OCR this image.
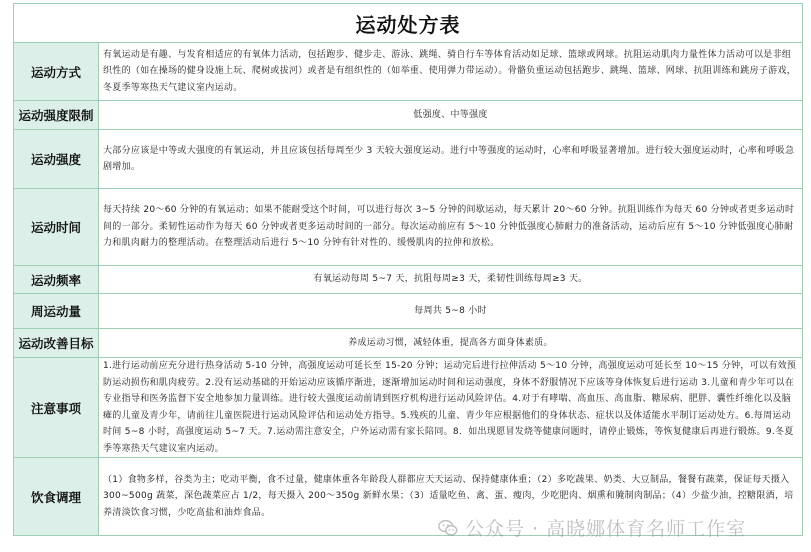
运动处方表
运动方式	有氧运动是有趣、与发育相适应的有氧体力活动，包括跑步、健步走、游泳、跳绳、骑自行车等体育活动如足球、篮球或网球。抗阻运动肌肉力量性体力活动可以是非组织性的（如在操场的健身设施上玩、爬树或拔河）或者是有组织性的（如举重、使用弹力带运动）。骨骼负重运动包括跑步、跳绳、篮球、网球、抗阻训练和跳房子游戏，冬夏季等寒热天气建议室内运动。
运动强度限制	低强度、中等强度
运动强度	大部分应该是中等或大强度的有氧运动，并且应该包括每周至少 3 天较大强度运动。进行中等强度的运动时，心率和呼吸显著增加。进行较大强度运动时，心率和呼吸急剧增加。
运动时间	每天持续 20～60 分钟的有氧运动；如果不能耐受这个时间，可以进行每次 3~5 分钟的间歇运动，每天累计 20～60 分钟。抗阻训练作为每天 60 分钟或者更多运动时间的一部分。柔韧性运动作为每天 60 分钟或者更多运动时间的一部分。每次运动前应有 5～10 分钟低强度心肺耐力的准备活动，运动后应有 5～10 分钟低强度心肺耐力和肌肉耐力的整理活动。在整理活动后进行 5～10 分钟有针对性的、缓慢肌肉的拉伸和放松。
运动频率	有氧运动每周 5~7 天，抗阻每周≥3 天，柔韧性训练每周≥3 天。
周运动量	每周共 5~8 小时
运动改善目标	养成运动习惯，减轻体重，提高各方面身体素质。
注意事项	1.进行运动前应充分进行热身活动 5-10 分钟，高强度运动可延长至 15-20 分钟；运动完后进行拉伸活动 5～10 分钟，高强度运动可延长至 10～15 分钟，可以有效预防运动损伤和肌肉疲劳。2.没有运动基础的开始运动应该循序渐进，逐渐增加运动时间和运动强度，身体不舒服情况下应该等身体恢复后进行运动 3.儿童和青少年可以在专业指导和医务监督下安全地参加力量训练。进行较大强度运动前请到医疗机构进行运动风险评估。4.对于有哮喘、高血压、高血脂、糖尿病、肥胖、囊性纤维化以及脑瘫的儿童及青少年，请前往儿童医院进行运动风险评估和运动处方指导。5.残疾的儿童、青少年应根据他们的身体状态、症状以及体适能水平制订运动处方。6.每周运动时间 5~8 小时，高强度运动 5~7 天。7.运动需注意安全，户外运动需有家长陪同。8．如出现愿冒发烧等健康问题时，请停止锻炼，等恢复健康后再进行锻炼。9.冬夏季等寒热天气建议室内运动。
饮食调理	（1）食物多样，谷类为主；吃动平衡，食不过量，健康体重各年龄段人群都应天天运动、保持健康体重；（2）多吃蔬果、奶类、大豆制品，餐餐有蔬菜，保证每天摄入 300~500g 蔬菜，深色蔬菜应占 1/2，每天摄入 200～350g 新鲜水果；（3）适量吃鱼、禽、蛋、瘦肉，少吃肥肉、烟熏和腌制肉制品；（4）少盐少油，控糖限酒，培养清淡饮食习惯，少吃高盐和油炸食品。
公众号 · 高晓娜体育名师工作室
